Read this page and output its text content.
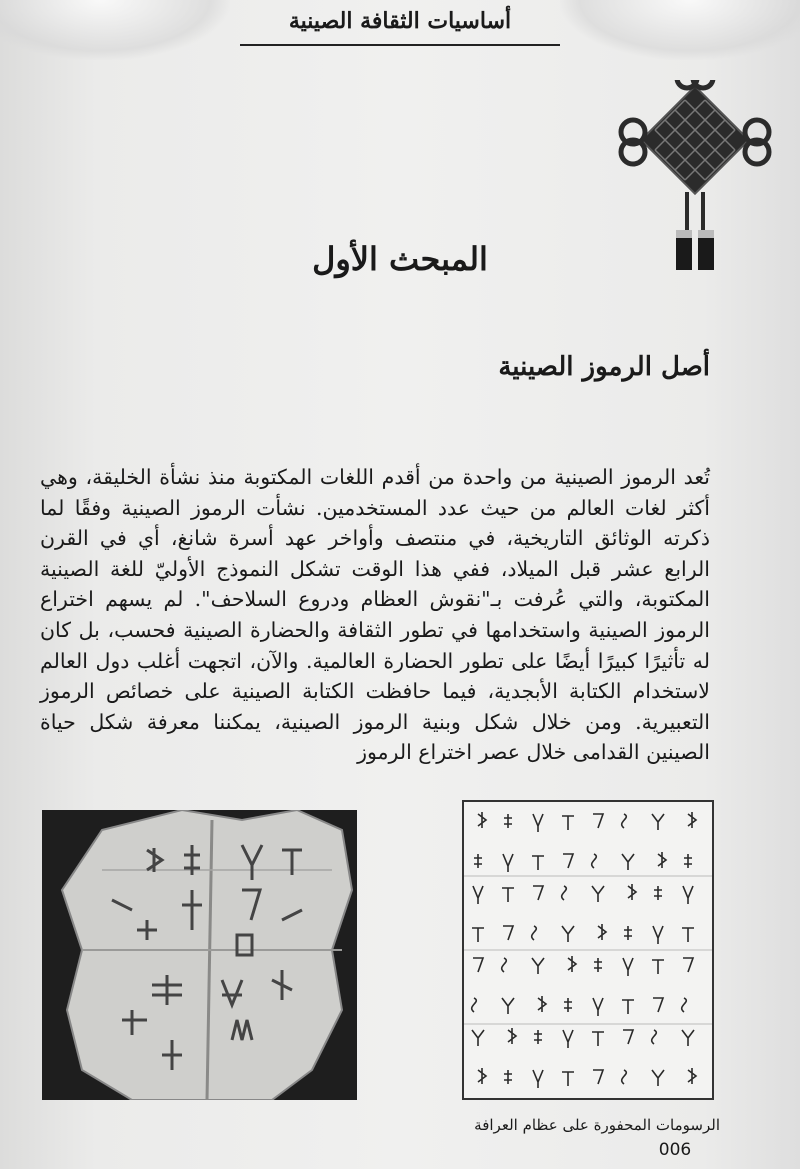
أساسيات الثقافة الصينية
المبحث الأول
أصل الرموز الصينية

تُعد الرموز الصينية من واحدة من أقدم اللغات المكتوبة منذ نشأة الخليقة، وهي أكثر لغات العالم من حيث عدد المستخدمين. نشأت الرموز الصينية وفقًا لما ذكرته الوثائق التاريخية، في منتصف وأواخر عهد أسرة شانغ، أي في القرن الرابع عشر قبل الميلاد، ففي هذا الوقت تشكل النموذج الأوليّ للغة الصينية المكتوبة، والتي عُرفت بـ"نقوش العظام ودروع السلاحف". لم يسهم اختراع الرموز الصينية واستخدامها في تطور الثقافة والحضارة الصينية فحسب، بل كان له تأثيرًا كبيرًا أيضًا على تطور الحضارة العالمية. والآن، اتجهت أغلب دول العالم لاستخدام الكتابة الأبجدية، فيما حافظت الكتابة الصينية على خصائص الرموز التعبيرية. ومن خلال شكل وبنية الرموز الصينية، يمكننا معرفة شكل حياة الصينين القدامى خلال عصر اختراع الرموز

الرسومات المحفورة على عظام العرافة
006
